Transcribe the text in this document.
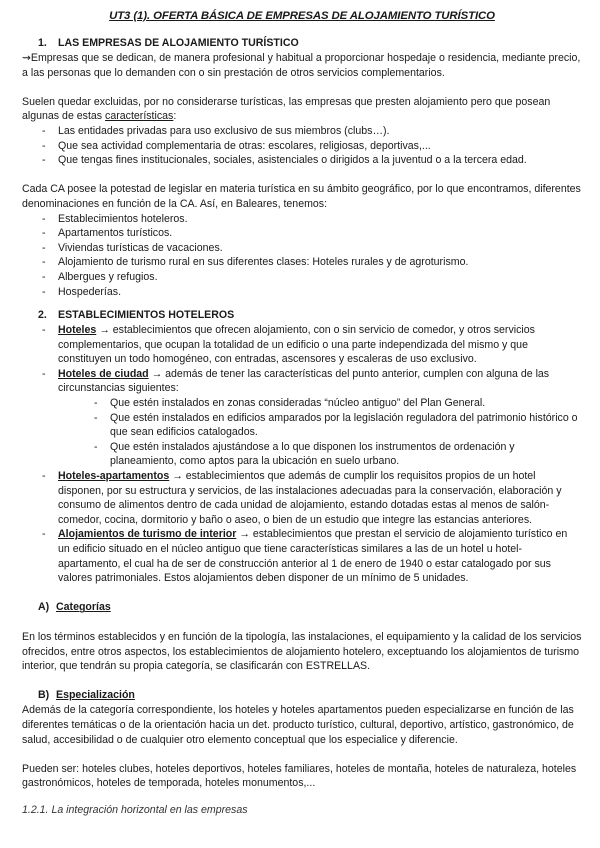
UT3 (1). OFERTA BÁSICA DE EMPRESAS DE ALOJAMIENTO TURÍSTICO
1. LAS EMPRESAS DE ALOJAMIENTO TURÍSTICO

⇝Empresas que se dedican, de manera profesional y habitual a proporcionar hospedaje o residencia, mediante precio, a las personas que lo demanden con o sin prestación de otros servicios complementarios.

Suelen quedar excluidas, por no considerarse turísticas, las empresas que presten alojamiento pero que posean algunas de estas características:

- Las entidades privadas para uso exclusivo de sus miembros (clubs…).
- Que sea actividad complementaria de otras: escolares, religiosas, deportivas,...
- Que tengas fines institucionales, sociales, asistenciales o dirigidos a la juventud o a la tercera edad.

Cada CA posee la potestad de legislar en materia turística en su ámbito geográfico, por lo que encontramos, diferentes denominaciones en función de la CA. Así, en Baleares, tenemos:

- Establecimientos hoteleros.
- Apartamentos turísticos.
- Viviendas turísticas de vacaciones.
- Alojamiento de turismo rural en sus diferentes clases: Hoteles rurales y de agroturismo.
- Albergues y refugios.
- Hospederías.
2. ESTABLECIMIENTOS HOTELEROS
- Hoteles → establecimientos que ofrecen alojamiento, con o sin servicio de comedor, y otros servicios complementarios, que ocupan la totalidad de un edificio o una parte independizada del mismo y que constituyen un todo homogéneo, con entradas, ascensores y escaleras de uso exclusivo.
- Hoteles de ciudad → además de tener las características del punto anterior, cumplen con alguna de las circunstancias siguientes:
- Que estén instalados en zonas consideradas “núcleo antiguo” del Plan General.
- Que estén instalados en edificios amparados por la legislación reguladora del patrimonio histórico o que sean edificios catalogados.
- Que estén instalados ajustándose a lo que disponen los instrumentos de ordenación y planeamiento, como aptos para la ubicación en suelo urbano.
- Hoteles-apartamentos → establecimientos que además de cumplir los requisitos propios de un hotel disponen, por su estructura y servicios, de las instalaciones adecuadas para la conservación, elaboración y consumo de alimentos dentro de cada unidad de alojamiento, estando dotadas estas al menos de salón-comedor, cocina, dormitorio y baño o aseo, o bien de un estudio que integre las estancias anteriores.
- Alojamientos de turismo de interior → establecimientos que prestan el servicio de alojamiento turístico en un edificio situado en el núcleo antiguo que tiene características similares a las de un hotel u hotel-apartamento, el cual ha de ser de construcción anterior al 1 de enero de 1940 o estar catalogado por sus valores patrimoniales. Estos alojamientos deben disponer de un mínimo de 5 unidades.
A) Categorías

En los términos establecidos y en función de la tipología, las instalaciones, el equipamiento y la calidad de los servicios ofrecidos, entre otros aspectos, los establecimientos de alojamiento hotelero, exceptuando los alojamientos de turismo interior, que tendrán su propia categoría, se clasificarán con ESTRELLAS.

B) Especialización

Además de la categoría correspondiente, los hoteles y hoteles apartamentos pueden especializarse en función de las diferentes temáticas o de la orientación hacia un det. producto turístico, cultural, deportivo, artístico, gastronómico, de salud, accesibilidad o de cualquier otro elemento conceptual que los especialice y diferencie.

Pueden ser: hoteles clubes, hoteles deportivos, hoteles familiares, hoteles de montaña, hoteles de naturaleza, hoteles gastronómicos, hoteles de temporada, hoteles monumentos,...

1.2.1. La integración horizontal en las empresas
